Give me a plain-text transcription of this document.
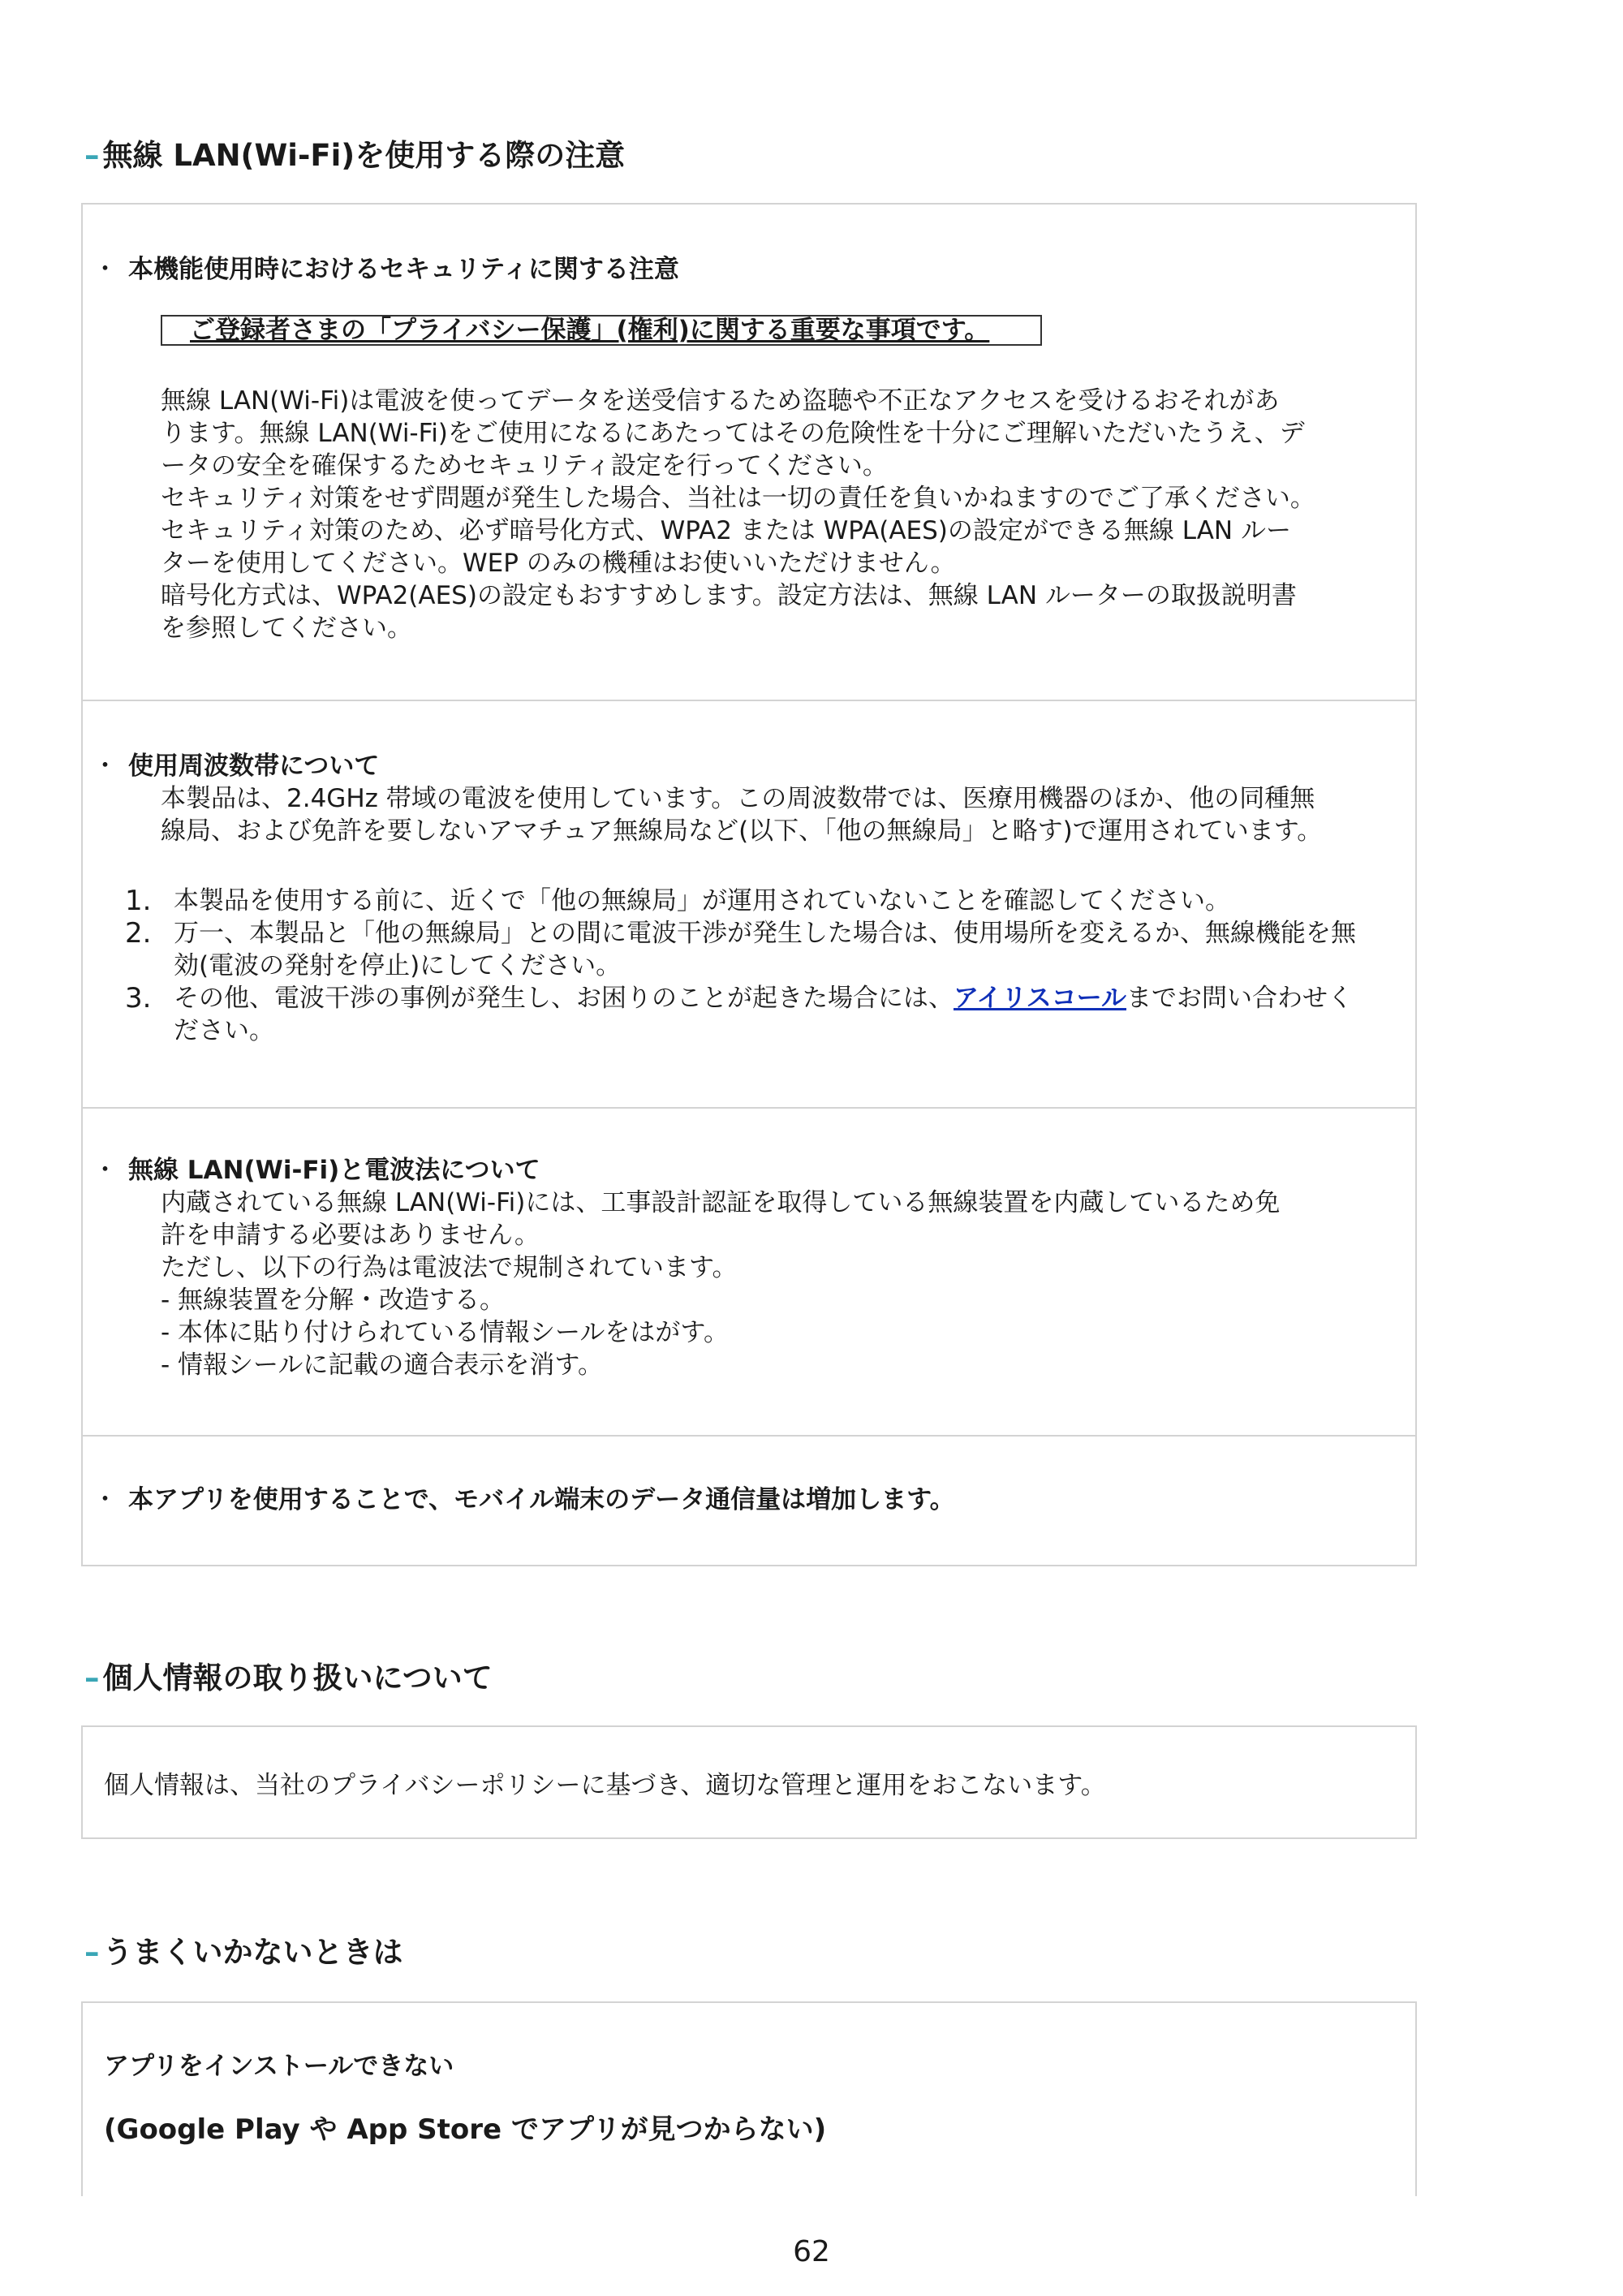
– 無線 LAN(Wi-Fi)を使用する際の注意
・ 本機能使用時におけるセキュリティに関する注意
ご登録者さまの「プライバシー保護」(権利)に関する重要な事項です。

無線 LAN(Wi-Fi)は電波を使ってデータを送受信するため盗聴や不正なアクセスを受けるおそれがあ

ります。無線 LAN(Wi-Fi)をご使用になるにあたってはその危険性を十分にご理解いただいたうえ、デ

ータの安全を確保するためセキュリティ設定を行ってください。

セキュリティ対策をせず問題が発生した場合、当社は一切の責任を負いかねますのでご了承ください。

セキュリティ対策のため、必ず暗号化方式、WPA2 または WPA(AES)の設定ができる無線 LAN ルー

ターを使用してください。WEP のみの機種はお使いいただけません。

暗号化方式は、WPA2(AES)の設定もおすすめします。設定方法は、無線 LAN ルーターの取扱説明書

を参照してください。

・ 使用周波数帯について

本製品は、2.4GHz 帯域の電波を使用しています。この周波数帯では、医療用機器のほか、他の同種無

線局、および免許を要しないアマチュア無線局など(以下、「他の無線局」と略す)で運用されています。

1. 本製品を使用する前に、近くで「他の無線局」が運用されていないことを確認してください。
2. 万一、本製品と「他の無線局」との間に電波干渉が発生した場合は、使用場所を変えるか、無線機能を無
効(電波の発射を停止)にしてください。
3. その他、電波干渉の事例が発生し、お困りのことが起きた場合には、アイリスコールまでお問い合わせく
ださい。
・ 無線 LAN(Wi-Fi)と電波法について

内蔵されている無線 LAN(Wi-Fi)には、工事設計認証を取得している無線装置を内蔵しているため免

許を申請する必要はありません。

ただし、以下の行為は電波法で規制されています。

- 無線装置を分解・改造する。

- 本体に貼り付けられている情報シールをはがす。

- 情報シールに記載の適合表示を消す。

・ 本アプリを使用することで、モバイル端末のデータ通信量は増加します。
– 個人情報の取り扱いについて
個人情報は、当社のプライバシーポリシーに基づき、適切な管理と運用をおこないます。
– うまくいかないときは
アプリをインストールできない
(Google Play や App Store でアプリが見つからない)
62
